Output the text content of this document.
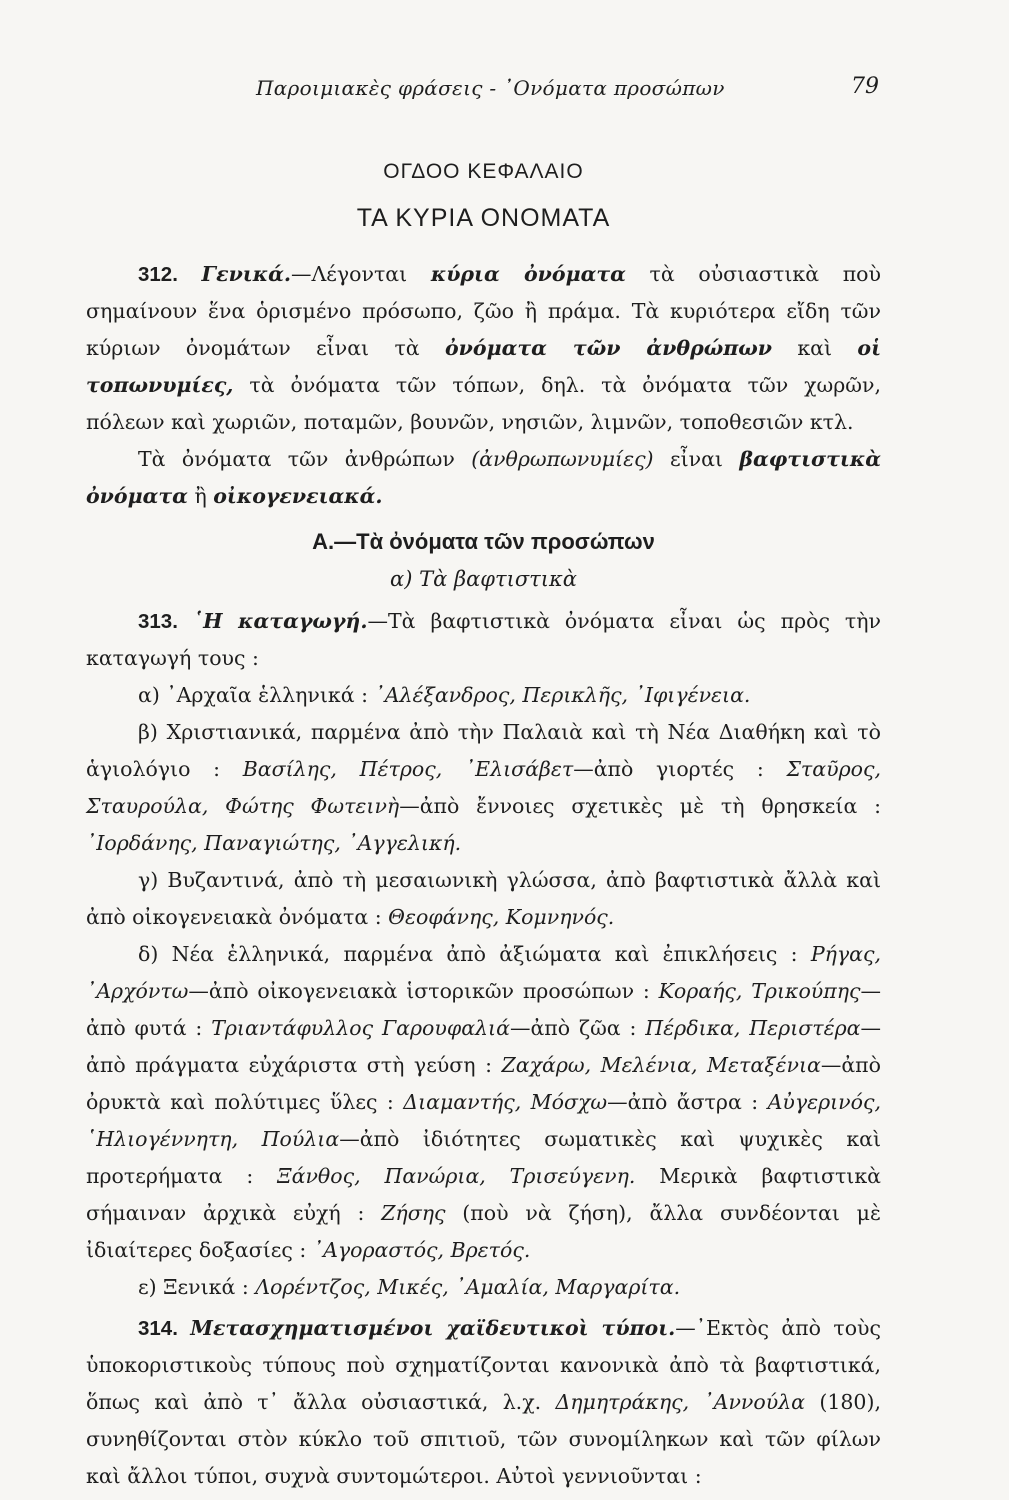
Παροιμιακὲς φράσεις - ᾿Ονόματα προσώπων	79
ΟΓΔΟΟ ΚΕΦΑΛΑΙΟ
ΤΑ ΚΥΡΙΑ ΟΝΟΜΑΤΑ

312. Γενικά.—Λέγονται κύρια ὀνόματα τὰ οὐσιαστικὰ ποὺ σημαίνουν ἕνα ὁρισμένο πρόσωπο, ζῶο ἢ πράμα. Τὰ κυριότερα εἴδη τῶν κύριων ὀνομάτων εἶναι τὰ ὀνόματα τῶν ἀνθρώπων καὶ οἱ τοπωνυμίες, τὰ ὀνόματα τῶν τόπων, δηλ. τὰ ὀνόματα τῶν χωρῶν, πόλεων καὶ χωριῶν, ποταμῶν, βουνῶν, νησιῶν, λιμνῶν, τοποθεσιῶν κτλ.

Τὰ ὀνόματα τῶν ἀνθρώπων (ἀνθρωπωνυμίες) εἶναι βαφτιστικὰ ὀνόματα ἢ οἰκογενειακά.

Α.—Τὰ ὀνόματα τῶν προσώπων
α) Τὰ βαφτιστικὰ

313. ῾Η καταγωγή.—Τὰ βαφτιστικὰ ὀνόματα εἶναι ὡς πρὸς τὴν καταγωγή τους :

α) ᾿Αρχαῖα ἑλληνικά : ᾿Αλέξανδρος, Περικλῆς, ᾿Ιφιγένεια.

β) Χριστιανικά, παρμένα ἀπὸ τὴν Παλαιὰ καὶ τὴ Νέα Διαθήκη καὶ τὸ ἁγιολόγιο : Βασίλης, Πέτρος, ᾿Ελισάβετ—ἀπὸ γιορτές : Σταῦρος, Σταυρούλα, Φώτης Φωτεινὴ—ἀπὸ ἔννοιες σχετικὲς μὲ τὴ θρησκεία : ᾿Ιορδάνης, Παναγιώτης, ᾿Αγγελική.

γ) Βυζαντινά, ἀπὸ τὴ μεσαιωνικὴ γλώσσα, ἀπὸ βαφτιστικὰ ἄλλὰ καὶ ἀπὸ οἰκογενειακὰ ὀνόματα : Θεοφάνης, Κομνηνός.

δ) Νέα ἑλληνικά, παρμένα ἀπὸ ἀξιώματα καὶ ἐπικλήσεις : Ρήγας, ᾿Αρχόντω—ἀπὸ οἰκογενειακὰ ἱστορικῶν προσώπων : Κοραής, Τρικούπης—ἀπὸ φυτά : Τριαντάφυλλος Γαρουφαλιά—ἀπὸ ζῶα : Πέρδικα, Περιστέρα—ἀπὸ πράγματα εὐχάριστα στὴ γεύση : Ζαχάρω, Μελένια, Μεταξένια—ἀπὸ ὀρυκτὰ καὶ πολύτιμες ὕλες : Διαμαντής, Μόσχω—ἀπὸ ἄστρα : Αὐγερινός, ῾Ηλιογέννητη, Πούλια—ἀπὸ ἰδιότητες σωματικὲς καὶ ψυχικὲς καὶ προτερήματα : Ξάνθος, Πανώρια, Τρισεύγενη. Μερικὰ βαφτιστικὰ σήμαιναν ἀρχικὰ εὐχή : Ζήσης (ποὺ νὰ ζήση), ἄλλα συνδέονται μὲ ἰδιαίτερες δοξασίες : ᾿Αγοραστός, Βρετός.

ε) Ξενικά : Λορέντζος, Μικές, ᾿Αμαλία, Μαργαρίτα.

314. Μετασχηματισμένοι χαϊδευτικοὶ τύποι.—᾿Εκτὸς ἀπὸ τοὺς ὑποκοριστικοὺς τύπους ποὺ σχηματίζονται κανονικὰ ἀπὸ τὰ βαφτιστικά, ὅπως καὶ ἀπὸ τ᾿ ἄλλα οὐσιαστικά, λ.χ. Δημητράκης, ᾿Αννούλα (180), συνηθίζονται στὸν κύκλο τοῦ σπιτιοῦ, τῶν συνομίληκων καὶ τῶν φίλων καὶ ἄλλοι τύποι, συχνὰ συντομώτεροι. Αὐτοὶ γεννιοῦνται :
